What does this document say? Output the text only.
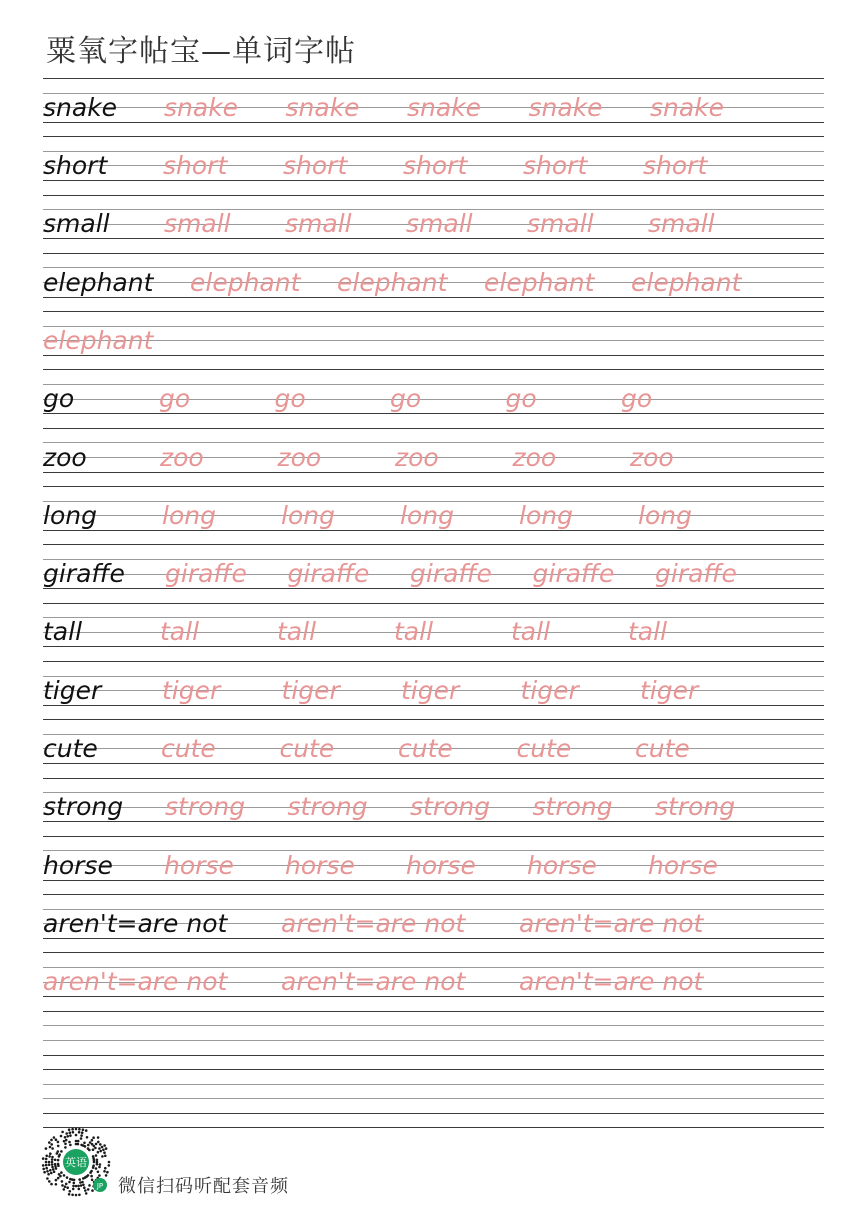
粟氧字帖宝—单词字帖
snake snake snake snake snake snake
short short short short short short
small small small small small small
elephant elephant elephant elephant elephant
elephant
go	go	go	go	go	go
zoo	zoo	zoo	zoo	zoo	zoo
long	long	long	long	long	long
giraffe giraffe giraffe giraffe giraffe giraffe
tall	tall	tall	tall	tall	tall
tiger tiger tiger tiger tiger tiger
cute	cute	cute	cute	cute	cute
strong strong strong strong strong strong
horse horse horse horse horse horse
aren't=are not aren't=are not aren't=are not
aren't=are not aren't=are not aren't=are not
英语
JP 微信扫码听配套音频
